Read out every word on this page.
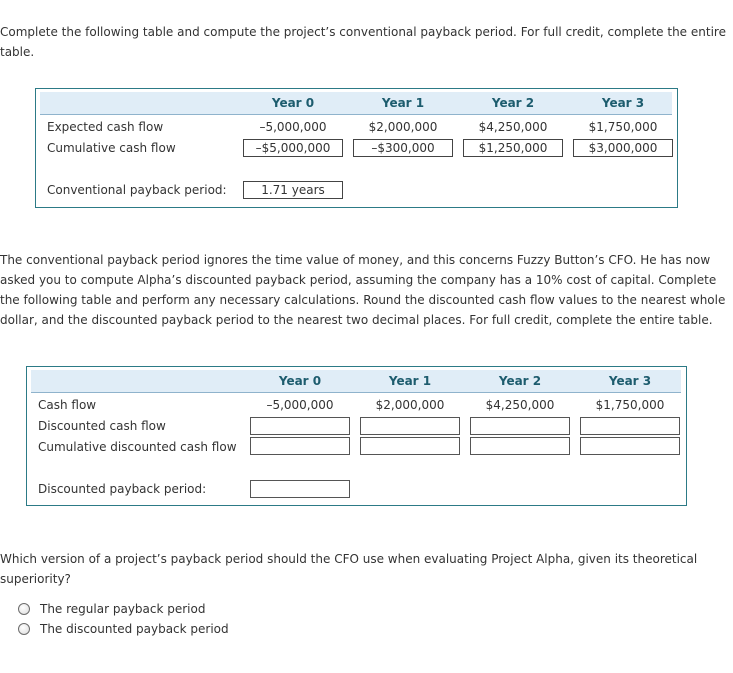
Complete the following table and compute the project’s conventional payback period. For full credit, complete the entire table.
Year 0	Year 1	Year 2	Year 3
Expected cash flow	–5,000,000	$2,000,000	$4,250,000	$1,750,000
Cumulative cash flow	–$5,000,000	–$300,000	$1,250,000	$3,000,000
Conventional payback period:	1.71 years
The conventional payback period ignores the time value of money, and this concerns Fuzzy Button’s CFO. He has now asked you to compute Alpha’s discounted payback period, assuming the company has a 10% cost of capital. Complete the following table and perform any necessary calculations. Round the discounted cash flow values to the nearest whole dollar, and the discounted payback period to the nearest two decimal places. For full credit, complete the entire table.
Year 0	Year 1	Year 2	Year 3
Cash flow	–5,000,000	$2,000,000	$4,250,000	$1,750,000
Discounted cash flow
Cumulative discounted cash flow
Discounted payback period:
Which version of a project’s payback period should the CFO use when evaluating Project Alpha, given its theoretical superiority?
The regular payback period
The discounted payback period
